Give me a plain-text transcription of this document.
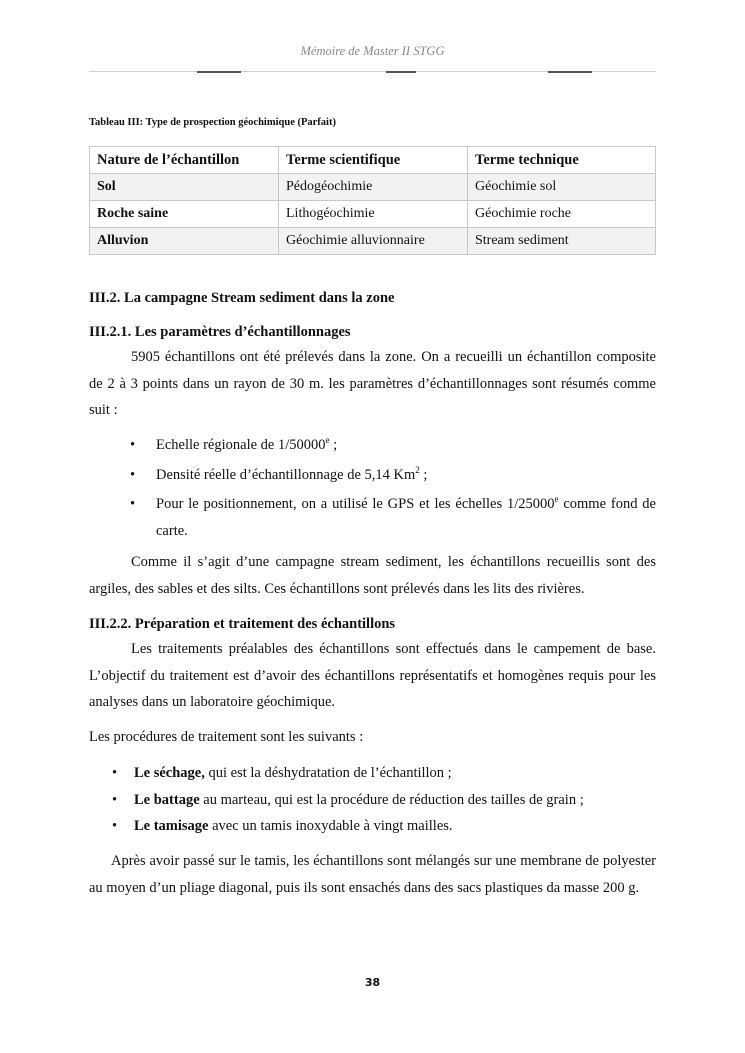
Mémoire de Master II STGG
Tableau III: Type de prospection géochimique (Parfait)
Nature de l’échantillon	Terme scientifique	Terme technique
Sol	Pédogéochimie	Géochimie sol
Roche saine	Lithogéochimie	Géochimie roche
Alluvion	Géochimie alluvionnaire	Stream sediment
III.2. La campagne Stream sediment dans la zone
III.2.1. Les paramètres d’échantillonnages
5905 échantillons ont été prélevés dans la zone. On a recueilli un échantillon composite de 2 à 3 points dans un rayon de 30 m. les paramètres d’échantillonnages sont résumés comme suit :
• Echelle régionale de 1/50000e ;
• Densité réelle d’échantillonnage de 5,14 Km$^2$ ;
• Pour le positionnement, on a utilisé le GPS et les échelles 1/25000e comme fond de carte.
Comme il s’agit d’une campagne stream sediment, les échantillons recueillis sont des argiles, des sables et des silts. Ces échantillons sont prélevés dans les lits des rivières.
III.2.2. Préparation et traitement des échantillons
Les traitements préalables des échantillons sont effectués dans le campement de base. L’objectif du traitement est d’avoir des échantillons représentatifs et homogènes requis pour les analyses dans un laboratoire géochimique.
Les procédures de traitement sont les suivants :
• Le séchage, qui est la déshydratation de l’échantillon ;
• Le battage au marteau, qui est la procédure de réduction des tailles de grain ;
• Le tamisage avec un tamis inoxydable à vingt mailles.
Après avoir passé sur le tamis, les échantillons sont mélangés sur une membrane de polyester au moyen d’un pliage diagonal, puis ils sont ensachés dans des sacs plastiques da masse 200 g.
38
